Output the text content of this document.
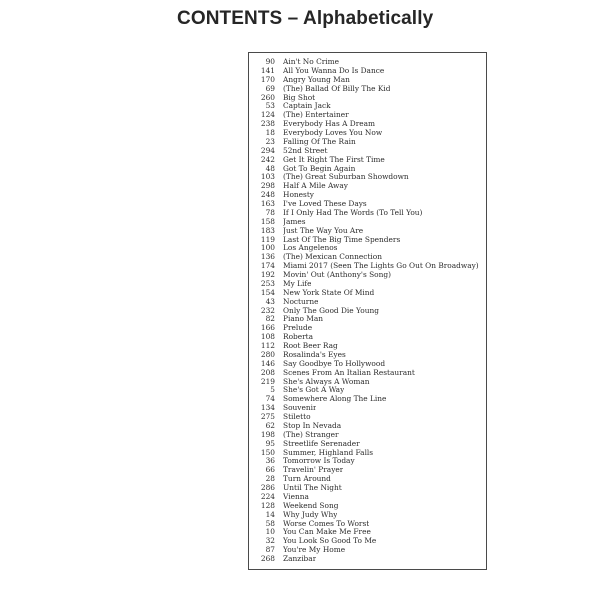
CONTENTS – Alphabetically
90 Ain't No Crime
141 All You Wanna Do Is Dance
170 Angry Young Man
69 (The) Ballad Of Billy The Kid
260 Big Shot
53 Captain Jack
124 (The) Entertainer
238 Everybody Has A Dream
18 Everybody Loves You Now
23 Falling Of The Rain
294 52nd Street
242 Get It Right The First Time
48 Got To Begin Again
103 (The) Great Suburban Showdown
298 Half A Mile Away
248 Honesty
163 I've Loved These Days
78 If I Only Had The Words (To Tell You)
158 James
183 Just The Way You Are
119 Last Of The Big Time Spenders
100 Los Angelenos
136 (The) Mexican Connection
174 Miami 2017 (Seen The Lights Go Out On Broadway)
192 Movin' Out (Anthony's Song)
253 My Life
154 New York State Of Mind
43 Nocturne
232 Only The Good Die Young
82 Piano Man
166 Prelude
108 Roberta
112 Root Beer Rag
280 Rosalinda's Eyes
146 Say Goodbye To Hollywood
208 Scenes From An Italian Restaurant
219 She's Always A Woman
5 She's Got A Way
74 Somewhere Along The Line
134 Souvenir
275 Stiletto
62 Stop In Nevada
198 (The) Stranger
95 Streetlife Serenader
150 Summer, Highland Falls
36 Tomorrow Is Today
66 Travelin' Prayer
28 Turn Around
286 Until The Night
224 Vienna
128 Weekend Song
14 Why Judy Why
58 Worse Comes To Worst
10 You Can Make Me Free
32 You Look So Good To Me
87 You're My Home
268 Zanzibar
